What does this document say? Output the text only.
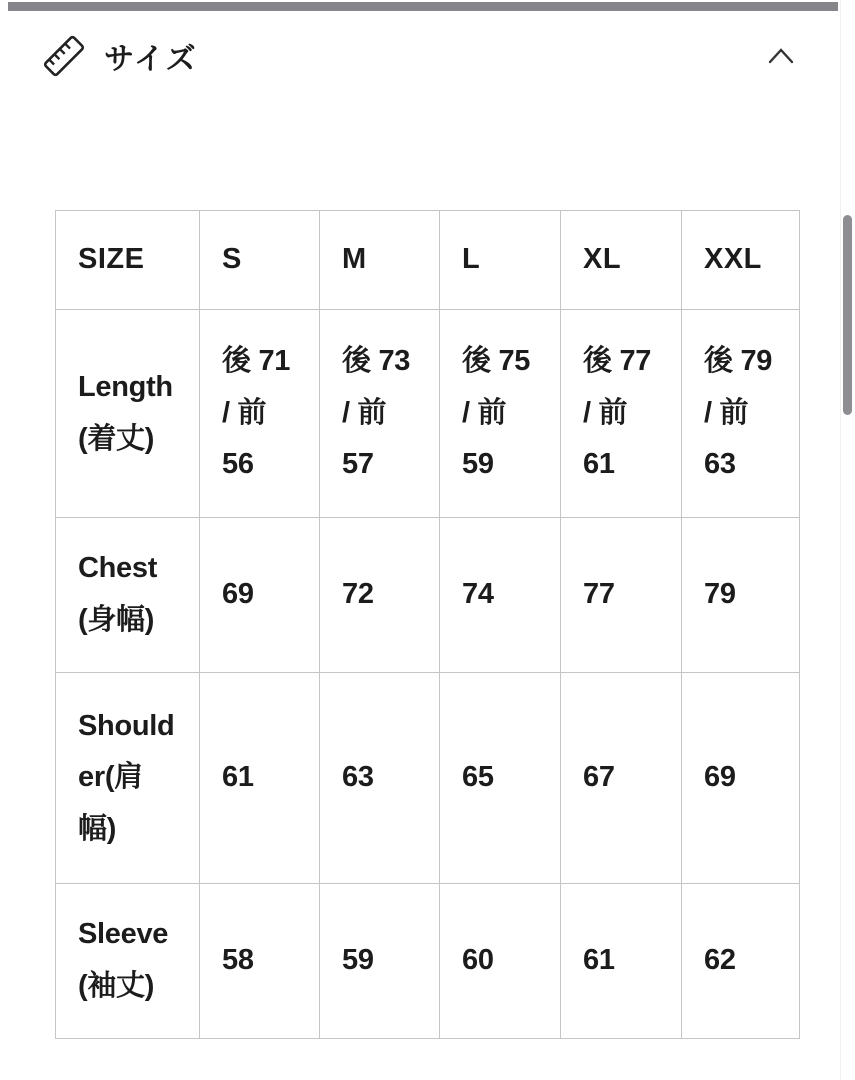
サイズ
SIZE	S	M	L	XL	XXL
Length(着丈)	後 71 / 前 56	後 73 / 前 57	後 75 / 前 59	後 77 / 前 61	後 79 / 前 63
Chest(身幅)	69	72	74	77	79
Shoulder(肩幅)	61	63	65	67	69
Sleeve(袖丈)	58	59	60	61	62
